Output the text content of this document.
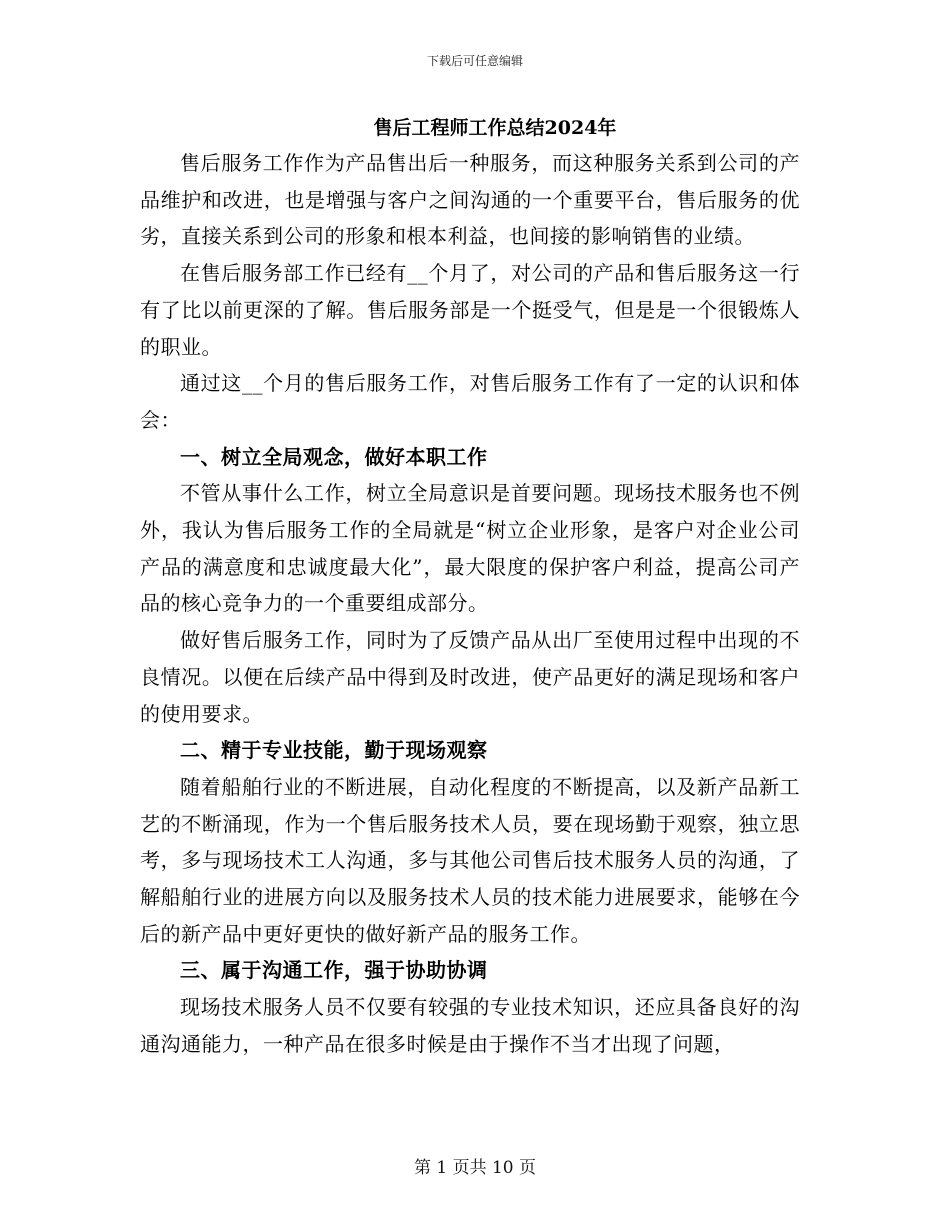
下载后可任意编辑
售后工程师工作总结2024年

售后服务工作作为产品售出后一种服务，而这种服务关系到公司的产品维护和改进，也是增强与客户之间沟通的一个重要平台，售后服务的优劣，直接关系到公司的形象和根本利益，也间接的影响销售的业绩。

在售后服务部工作已经有__个月了，对公司的产品和售后服务这一行有了比以前更深的了解。售后服务部是一个挺受气，但是是一个很锻炼人的职业。

通过这__个月的售后服务工作，对售后服务工作有了一定的认识和体会：

一、树立全局观念，做好本职工作

不管从事什么工作，树立全局意识是首要问题。现场技术服务也不例外，我认为售后服务工作的全局就是“树立企业形象，是客户对企业公司产品的满意度和忠诚度最大化”，最大限度的保护客户利益，提高公司产品的核心竞争力的一个重要组成部分。

做好售后服务工作，同时为了反馈产品从出厂至使用过程中出现的不良情况。以便在后续产品中得到及时改进，使产品更好的满足现场和客户的使用要求。

二、精于专业技能，勤于现场观察

随着船舶行业的不断进展，自动化程度的不断提高，以及新产品新工艺的不断涌现，作为一个售后服务技术人员，要在现场勤于观察，独立思考，多与现场技术工人沟通，多与其他公司售后技术服务人员的沟通，了解船舶行业的进展方向以及服务技术人员的技术能力进展要求，能够在今后的新产品中更好更快的做好新产品的服务工作。

三、属于沟通工作，强于协助协调

现场技术服务人员不仅要有较强的专业技术知识，还应具备良好的沟通沟通能力，一种产品在很多时候是由于操作不当才出现了问题，

第 1 页共 10 页
